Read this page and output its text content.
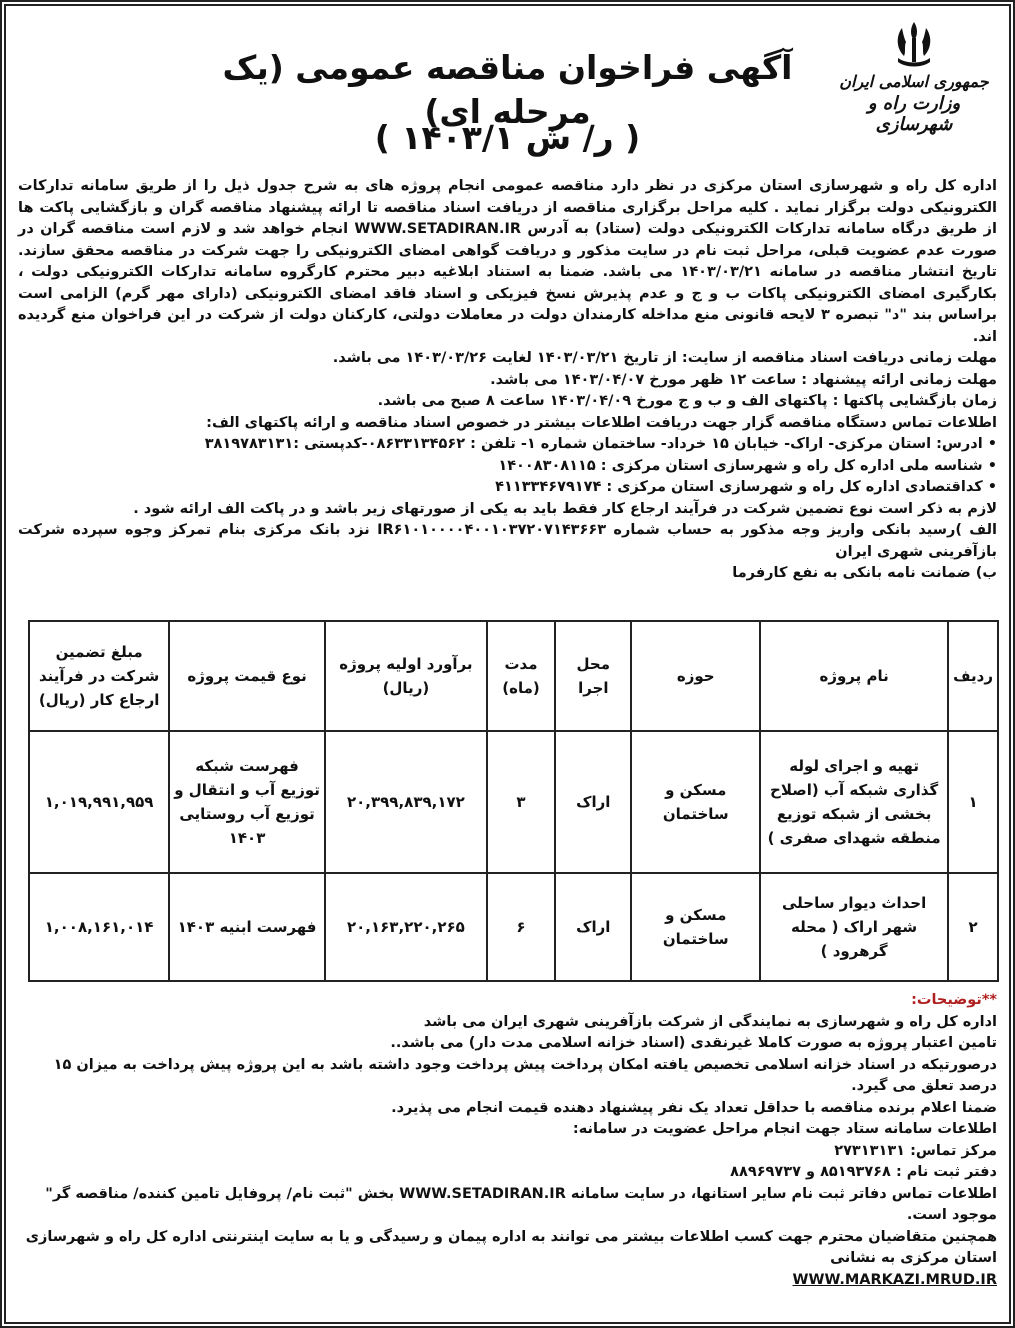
جمهوری اسلامی ایران
وزارت راه و شهرسازی
آگهی فراخوان مناقصه عمومی (یک مرحله ای)
( ر/ ش ۱۴۰۳/۱ )

اداره کل راه و شهرسازی استان مرکزی در نظر دارد مناقصه عمومی انجام پروژه های به شرح جدول ذیل را از طریق سامانه تدارکات الکترونیکی دولت برگزار نماید . کلیه مراحل برگزاری مناقصه از دریافت اسناد مناقصه تا ارائه پیشنهاد مناقصه گران و بازگشایی پاکت ها از طریق درگاه سامانه تدارکات الکترونیکی دولت (ستاد) به آدرس WWW.SETADIRAN.IR انجام خواهد شد و لازم است مناقصه گران در صورت عدم عضویت قبلی، مراحل ثبت نام در سایت مذکور و دریافت گواهی امضای الکترونیکی را جهت شرکت در مناقصه محقق سازند. تاریخ انتشار مناقصه در سامانه ۱۴۰۳/۰۳/۲۱ می باشد. ضمنا به استناد ابلاغیه دبیر محترم کارگروه سامانه تدارکات الکترونیکی دولت ، بکارگیری امضای الکترونیکی پاکات ب و ج و عدم پذیرش نسخ فیزیکی و اسناد فاقد امضای الکترونیکی (دارای مهر گرم) الزامی است براساس بند "د" تبصره ۳ لایحه قانونی منع مداخله کارمندان دولت در معاملات دولتی، کارکنان دولت از شرکت در این فراخوان منع گردیده اند.

مهلت زمانی دریافت اسناد مناقصه از سایت: از تاریخ ۱۴۰۳/۰۳/۲۱ لغایت ۱۴۰۳/۰۳/۲۶ می باشد.

مهلت زمانی ارائه پیشنهاد : ساعت ۱۲ ظهر مورخ ۱۴۰۳/۰۴/۰۷ می باشد.

زمان بازگشایی پاکتها : پاکتهای الف و ب و ج مورخ ۱۴۰۳/۰۴/۰۹ ساعت ۸ صبح می باشد.

اطلاعات تماس دستگاه مناقصه گزار جهت دریافت اطلاعات بیشتر در خصوص اسناد مناقصه و ارائه پاکتهای الف:

• ادرس: استان مرکزی- اراک- خیابان ۱۵ خرداد- ساختمان شماره ۱- تلفن : ۰۸۶۳۳۱۳۴۵۶۲-کدپستی :۳۸۱۹۷۸۳۱۳۱

• شناسه ملی اداره کل راه و شهرسازی استان مرکزی : ۱۴۰۰۸۳۰۸۱۱۵

• کداقتصادی اداره کل راه و شهرسازی استان مرکزی : ۴۱۱۳۳۴۶۷۹۱۷۴

لازم به ذکر است نوع تضمین شرکت در فرآیند ارجاع کار فقط باید به یکی از صورتهای زیر باشد و در پاکت الف ارائه شود .

الف )رسید بانکی واریز وجه مذکور به حساب شماره IR۶۱۰۱۰۰۰۰۴۰۰۱۰۳۷۲۰۷۱۴۳۶۶۳ نزد بانک مرکزی بنام تمرکز وجوه سپرده شرکت بازآفرینی شهری ایران

ب) ضمانت نامه بانکی به نفع کارفرما

ردیف	نام پروژه	حوزه	محل اجرا	مدت (ماه)	برآورد اولیه پروژه (ریال)	نوع قیمت پروژه	مبلغ تضمین شرکت در فرآیند ارجاع کار (ریال)
۱	تهیه و اجرای لوله گذاری شبکه آب (اصلاح بخشی از شبکه توزیع منطقه شهدای صفری )	مسکن و ساختمان	اراک	۳	۲۰,۳۹۹,۸۳۹,۱۷۲	فهرست شبکه توزیع آب و انتقال و توزیع آب روستایی ۱۴۰۳	۱,۰۱۹,۹۹۱,۹۵۹
۲	احداث دیوار ساحلی شهر اراک ( محله گرهرود )	مسکن و ساختمان	اراک	۶	۲۰,۱۶۳,۲۲۰,۲۶۵	فهرست ابنیه ۱۴۰۳	۱,۰۰۸,۱۶۱,۰۱۴

**توضیحات:

اداره کل راه و شهرسازی به نمایندگی از شرکت بازآفرینی شهری ایران می باشد

تامین اعتبار پروژه به صورت کاملا غیرنقدی (اسناد خزانه اسلامی مدت دار) می باشد..

درصورتیکه در اسناد خزانه اسلامی تخصیص یافته امکان پرداخت پیش پرداخت وجود داشته باشد به این پروژه پیش پرداخت به میزان ۱۵ درصد تعلق می گیرد.

ضمنا اعلام برنده مناقصه با حداقل تعداد یک نفر پیشنهاد دهنده قیمت انجام می پذیرد.

اطلاعات سامانه ستاد جهت انجام مراحل عضویت در سامانه:

مرکز تماس: ۲۷۳۱۳۱۳۱

دفتر ثبت نام : ۸۵۱۹۳۷۶۸ و ۸۸۹۶۹۷۳۷

اطلاعات تماس دفاتر ثبت نام سایر استانها، در سایت سامانه WWW.SETADIRAN.IR بخش "ثبت نام/ پروفایل تامین کننده/ مناقصه گر" موجود است.

همچنین متقاضیان محترم جهت کسب اطلاعات بیشتر می توانند به اداره پیمان و رسیدگی و یا به سایت اینترنتی اداره کل راه و شهرسازی استان مرکزی به نشانی

WWW.MARKAZI.MRUD.IR
